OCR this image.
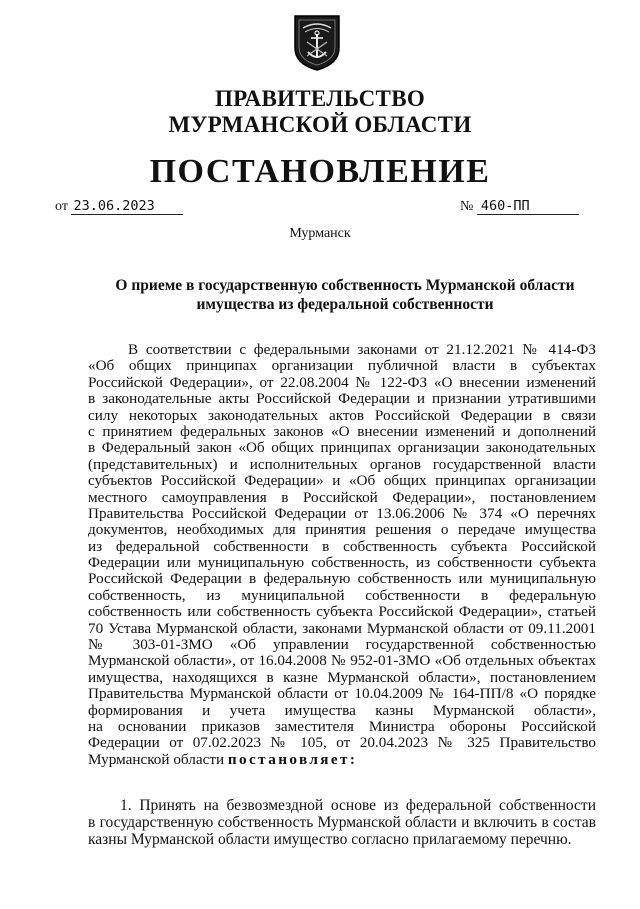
ПРАВИТЕЛЬСТВО
МУРМАНСКОЙ ОБЛАСТИ
ПОСТАНОВЛЕНИЕ
от 23.06.2023	№ 460-ПП
Мурманск
О приеме в государственную собственность Мурманской области
имущества из федеральной собственности
В соответствии с федеральными законами от 21.12.2021 № 414-ФЗ
«Об общих принципах организации публичной власти в субъектах
Российской Федерации», от 22.08.2004 № 122-ФЗ «О внесении изменений
в законодательные акты Российской Федерации и признании утратившими
силу некоторых законодательных актов Российской Федерации в связи
с принятием федеральных законов «О внесении изменений и дополнений
в Федеральный закон «Об общих принципах организации законодательных
(представительных) и исполнительных органов государственной власти
субъектов Российской Федерации» и «Об общих принципах организации
местного самоуправления в Российской Федерации», постановлением
Правительства Российской Федерации от 13.06.2006 № 374 «О перечнях
документов, необходимых для принятия решения о передаче имущества
из федеральной собственности в собственность субъекта Российской
Федерации или муниципальную собственность, из собственности субъекта
Российской Федерации в федеральную собственность или муниципальную
собственность, из муниципальной собственности в федеральную
собственность или собственность субъекта Российской Федерации», статьей
70 Устава Мурманской области, законами Мурманской области от 09.11.2001
№ 303-01-ЗМО «Об управлении государственной собственностью
Мурманской области», от 16.04.2008 № 952-01-ЗМО «Об отдельных объектах
имущества, находящихся в казне Мурманской области», постановлением
Правительства Мурманской области от 10.04.2009 № 164-ПП/8 «О порядке
формирования и учета имущества казны Мурманской области»,
на основании приказов заместителя Министра обороны Российской
Федерации от 07.02.2023 № 105, от 20.04.2023 № 325 Правительство
Мурманской области постановляет:
1. Принять на безвозмездной основе из федеральной собственности
в государственную собственность Мурманской области и включить в состав
казны Мурманской области имущество согласно прилагаемому перечню.
